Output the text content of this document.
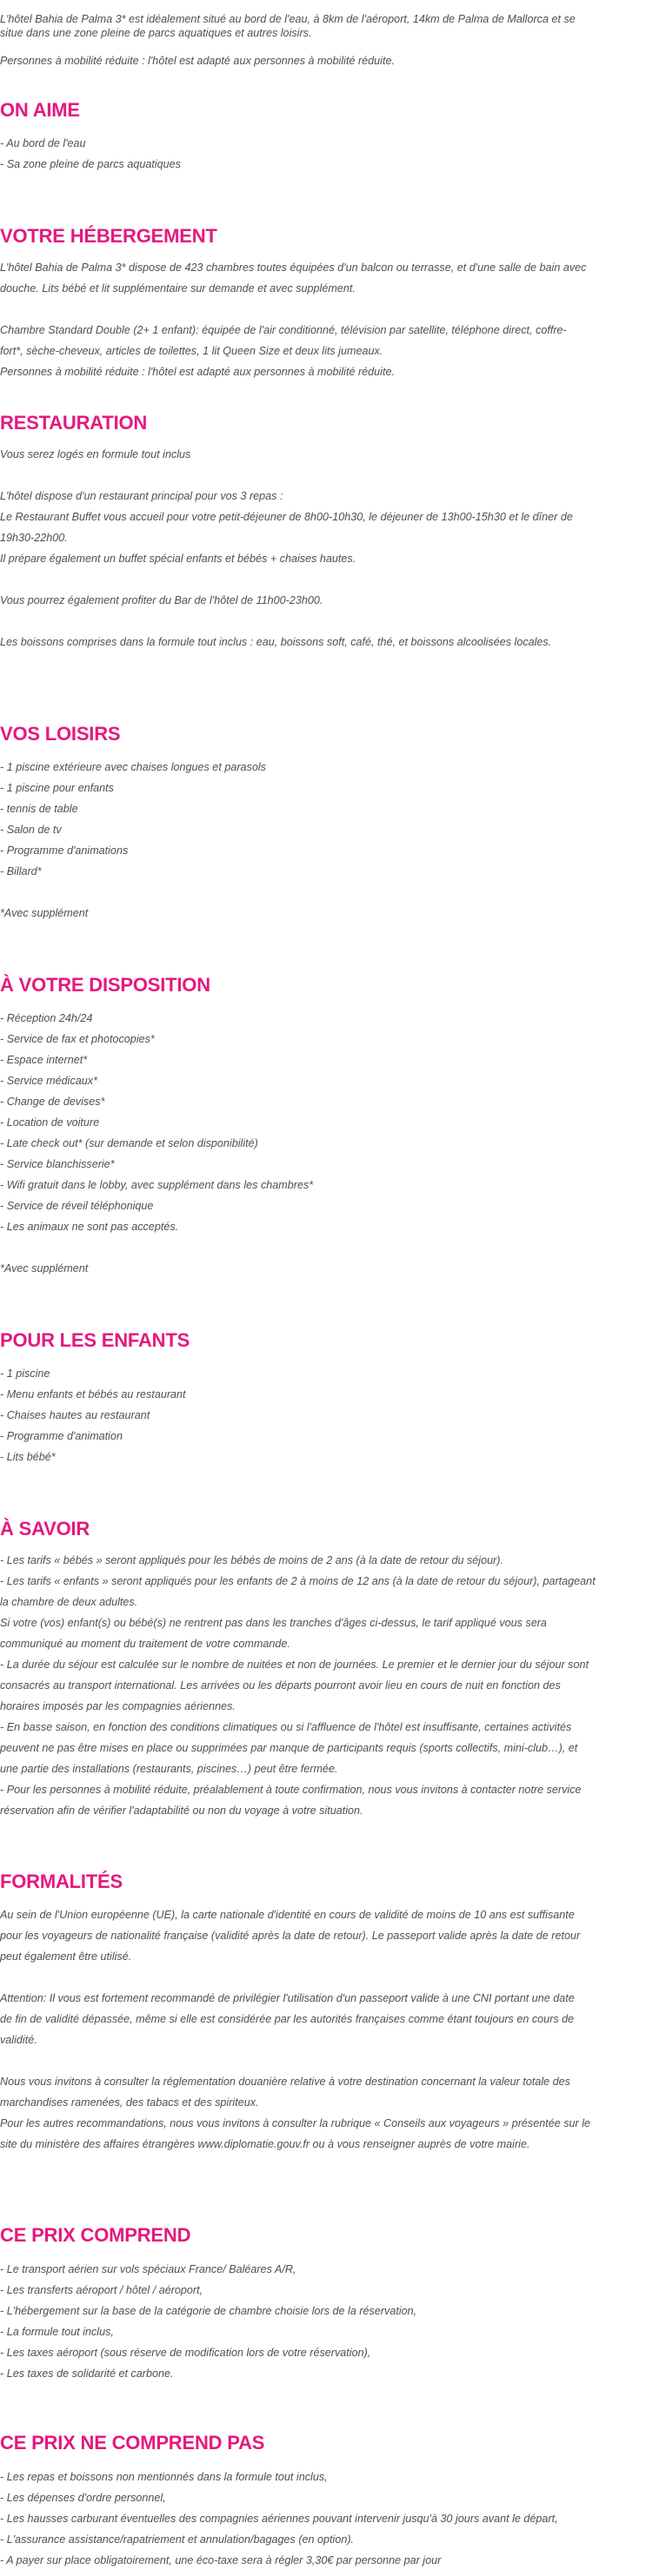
L'hôtel Bahia de Palma 3* est idéalement situé au bord de l'eau, à 8km de l'aéroport, 14km de Palma de Mallorca et se
situe dans une zone pleine de parcs aquatiques et autres loisirs.
Personnes à mobilité réduite : l'hôtel est adapté aux personnes à mobilité réduite.
ON AIME
- Au bord de l'eau
- Sa zone pleine de parcs aquatiques
VOTRE HÉBERGEMENT
L'hôtel Bahia de Palma 3* dispose de 423 chambres toutes équipées d'un balcon ou terrasse, et d'une salle de bain avec
douche. Lits bébé et lit supplémentaire sur demande et avec supplément.
Chambre Standard Double (2+ 1 enfant): équipée de l'air conditionné, télévision par satellite, téléphone direct, coffre-
fort*, sèche-cheveux, articles de toilettes, 1 lit Queen Size et deux lits jumeaux.
Personnes à mobilité réduite : l'hôtel est adapté aux personnes à mobilité réduite.
RESTAURATION
Vous serez logés en formule tout inclus
L'hôtel dispose d'un restaurant principal pour vos 3 repas :
Le Restaurant Buffet vous accueil pour votre petit-déjeuner de 8h00-10h30, le déjeuner de 13h00-15h30 et le dîner de
19h30-22h00.
Il prépare également un buffet spécial enfants et bébés + chaises hautes.
Vous pourrez également profiter du Bar de l'hôtel de 11h00-23h00.
Les boissons comprises dans la formule tout inclus : eau, boissons soft, café, thé, et boissons alcoolisées locales.
VOS LOISIRS
- 1 piscine extérieure avec chaises longues et parasols
- 1 piscine pour enfants
- tennis de table
- Salon de tv
- Programme d'animations
- Billard*
*Avec supplément
À VOTRE DISPOSITION
- Réception 24h/24
- Service de fax et photocopies*
- Espace internet*
- Service médicaux*
- Change de devises*
- Location de voiture
- Late check out* (sur demande et selon disponibilité)
- Service blanchisserie*
- Wifi gratuit dans le lobby, avec supplément dans les chambres*
- Service de réveil téléphonique
- Les animaux ne sont pas acceptés.
*Avec supplément
POUR LES ENFANTS
- 1 piscine
- Menu enfants et bébés au restaurant
- Chaises hautes au restaurant
- Programme d'animation
- Lits bébé*
À SAVOIR
- Les tarifs « bébés » seront appliqués pour les bébés de moins de 2 ans (à la date de retour du séjour).
- Les tarifs « enfants » seront appliqués pour les enfants de 2 à moins de 12 ans (à la date de retour du séjour), partageant
la chambre de deux adultes.
Si votre (vos) enfant(s) ou bébé(s) ne rentrent pas dans les tranches d'âges ci-dessus, le tarif appliqué vous sera
communiqué au moment du traitement de votre commande.
- La durée du séjour est calculée sur le nombre de nuitées et non de journées. Le premier et le dernier jour du séjour sont
consacrés au transport international. Les arrivées ou les départs pourront avoir lieu en cours de nuit en fonction des
horaires imposés par les compagnies aériennes.
- En basse saison, en fonction des conditions climatiques ou si l'affluence de l'hôtel est insuffisante, certaines activités
peuvent ne pas être mises en place ou supprimées par manque de participants requis (sports collectifs, mini-club…), et
une partie des installations (restaurants, piscines…) peut être fermée.
- Pour les personnes à mobilité réduite, préalablement à toute confirmation, nous vous invitons à contacter notre service
réservation afin de vérifier l'adaptabilité ou non du voyage à votre situation.
FORMALITÉS
Au sein de l'Union européenne (UE), la carte nationale d'identité en cours de validité de moins de 10 ans est suffisante
pour les voyageurs de nationalité française (validité après la date de retour). Le passeport valide après la date de retour
peut également être utilisé.
Attention: Il vous est fortement recommandé de privilégier l'utilisation d'un passeport valide à une CNI portant une date
de fin de validité dépassée, même si elle est considérée par les autorités françaises comme étant toujours en cours de
validité.
Nous vous invitons à consulter la réglementation douanière relative à votre destination concernant la valeur totale des
marchandises ramenées, des tabacs et des spiriteux.
Pour les autres recommandations, nous vous invitons à consulter la rubrique « Conseils aux voyageurs » présentée sur le
site du ministère des affaires étrangères www.diplomatie.gouv.fr ou à vous renseigner auprès de votre mairie.
CE PRIX COMPREND
- Le transport aérien sur vols spéciaux France/ Baléares A/R,
- Les transferts aéroport / hôtel / aéroport,
- L'hébergement sur la base de la catégorie de chambre choisie lors de la réservation,
- La formule tout inclus,
- Les taxes aéroport (sous réserve de modification lors de votre réservation),
- Les taxes de solidarité et carbone.
CE PRIX NE COMPREND PAS
- Les repas et boissons non mentionnés dans la formule tout inclus,
- Les dépenses d'ordre personnel,
- Les hausses carburant éventuelles des compagnies aériennes pouvant intervenir jusqu'à 30 jours avant le départ,
- L'assurance assistance/rapatriement et annulation/bagages (en option).
- A payer sur place obligatoirement, une éco-taxe sera à régler 3,30€ par personne par jour
